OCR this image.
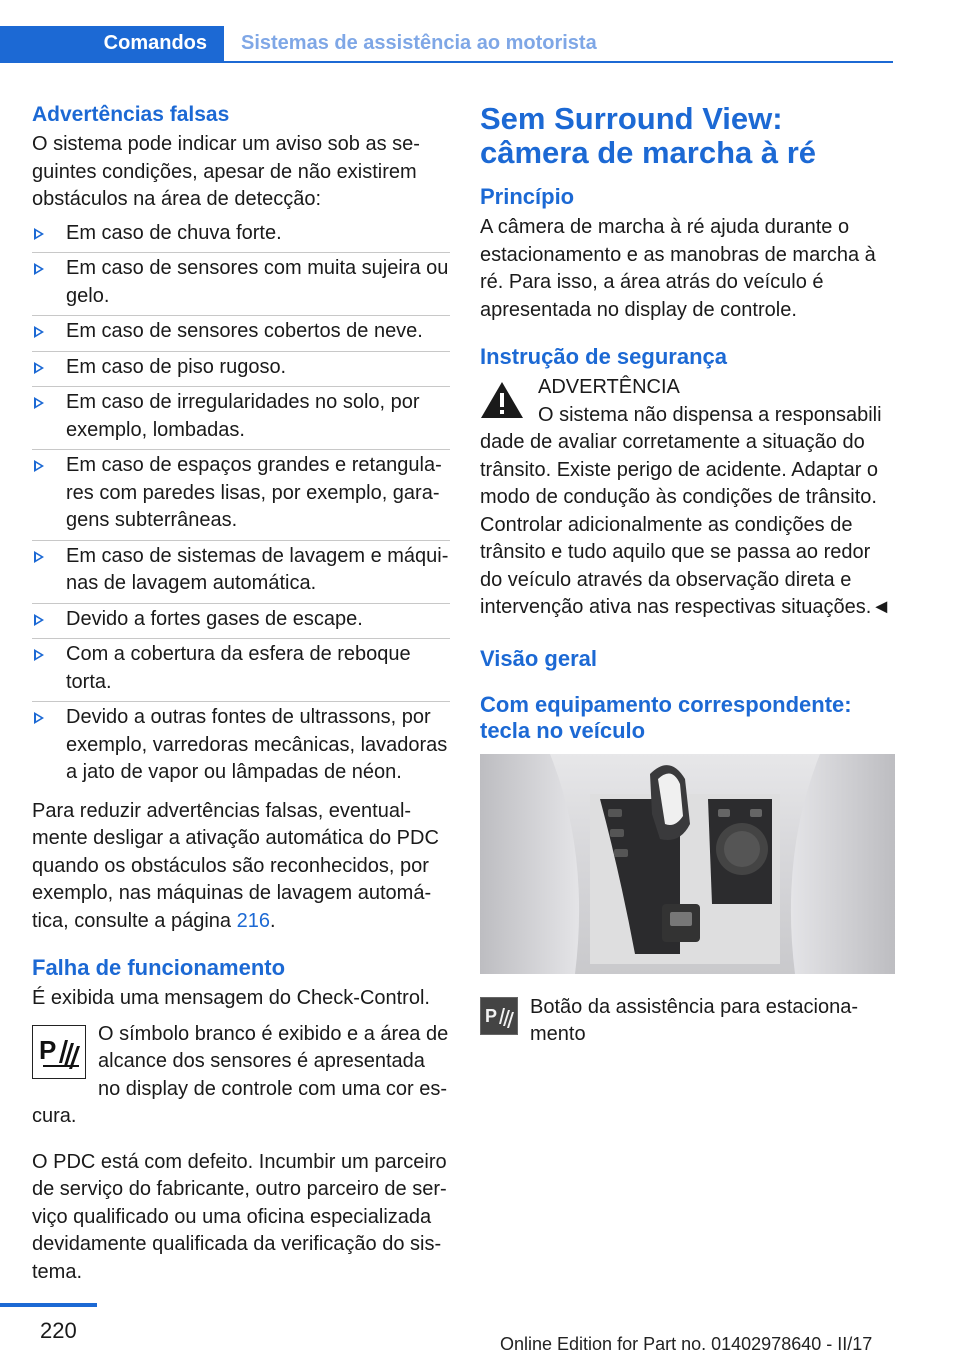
Comandos	Sistemas de assistência ao motorista
Advertências falsas

O sistema pode indicar um aviso sob as seguintes condições, apesar de não existirem obstáculos na área de detecção:

Em caso de chuva forte.
Em caso de sensores com muita sujeira ou gelo.
Em caso de sensores cobertos de neve.
Em caso de piso rugoso.
Em caso de irregularidades no solo, por exemplo, lombadas.
Em caso de espaços grandes e retangulares com paredes lisas, por exemplo, garagens subterrâneas.
Em caso de sistemas de lavagem e máquinas de lavagem automática.
Devido a fortes gases de escape.
Com a cobertura da esfera de reboque torta.
Devido a outras fontes de ultrassons, por exemplo, varredoras mecânicas, lavadoras a jato de vapor ou lâmpadas de néon.

Para reduzir advertências falsas, eventualmente desligar a ativação automática do PDC quando os obstáculos são reconhecidos, por exemplo, nas máquinas de lavagem automática, consulte a página 216.

Falha de funcionamento

É exibida uma mensagem do Check-Control.

P

O símbolo branco é exibido e a área de alcance dos sensores é apresentada no display de controle com uma cor escura.

O PDC está com defeito. Incumbir um parceiro de serviço do fabricante, outro parceiro de serviço qualificado ou uma oficina especializada devidamente qualificada da verificação do sistema.

Sem Surround View: câmera de marcha à ré
Princípio

A câmera de marcha à ré ajuda durante o estacionamento e as manobras de marcha à ré. Para isso, a área atrás do veículo é apresentada no display de controle.

Instrução de segurança

ADVERTÊNCIA

O sistema não dispensa a responsabili

dade de avaliar corretamente a situação do trânsito. Existe perigo de acidente. Adaptar o modo de condução às condições de trânsito. Controlar adicionalmente as condições de trânsito e tudo aquilo que se passa ao redor do veículo através da observação direta e intervenção ativa nas respectivas situações.◄

Visão geral
Com equipamento correspondente: tecla no veículo
P	Botão da assistência para estacionamento

220
Online Edition for Part no. 01402978640 - II/17
